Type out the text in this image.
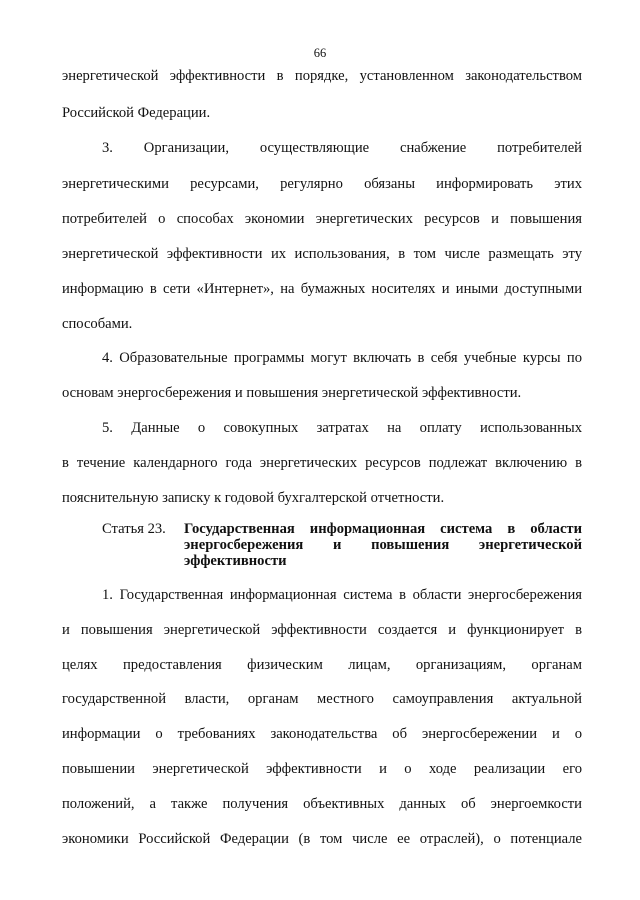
66
энергетической эффективности в порядке, установленном законодательством
Российской Федерации.
3. Организации, осуществляющие снабжение потребителей
энергетическими ресурсами, регулярно обязаны информировать этих
потребителей о способах экономии энергетических ресурсов и повышения
энергетической эффективности их использования, в том числе размещать эту
информацию в сети «Интернет», на бумажных носителях и иными доступными
способами.
4. Образовательные программы могут включать в себя учебные курсы по
основам энергосбережения и повышения энергетической эффективности.
5. Данные о совокупных затратах на оплату использованных
в течение календарного года энергетических ресурсов подлежат включению в
пояснительную записку к годовой бухгалтерской отчетности.
Статья 23. Государственная информационная система в области
энергосбережения и повышения энергетической
эффективности
1. Государственная информационная система в области энергосбережения
и повышения энергетической эффективности создается и функционирует в
целях предоставления физическим лицам, организациям, органам
государственной власти, органам местного самоуправления актуальной
информации о требованиях законодательства об энергосбережении и о
повышении энергетической эффективности и о ходе реализации его
положений, а также получения объективных данных об энергоемкости
экономики Российской Федерации (в том числе ее отраслей), о потенциале
